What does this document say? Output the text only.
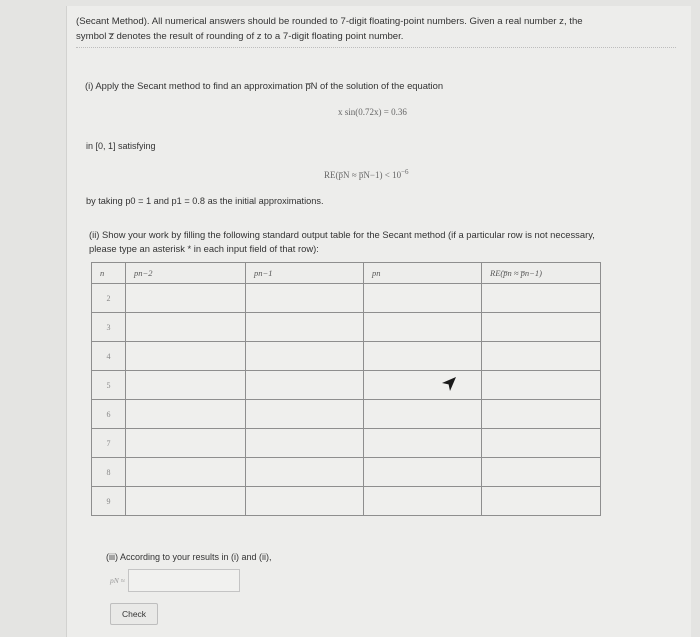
(Secant Method). All numerical answers should be rounded to 7-digit floating-point numbers. Given a real number z, the
symbol z̅ denotes the result of rounding of z to a 7-digit floating point number.
(i) Apply the Secant method to find an approximation p̅N of the solution of the equation
x sin(0.72x) = 0.36
in [0, 1] satisfying
RE(p̅N ≈ p̅N−1) < $10^{-6}$
by taking p0 = 1 and p1 = 0.8 as the initial approximations.
(ii) Show your work by filling the following standard output table for the Secant method (if a particular row is not necessary, please type an asterisk * in each input field of that row):
n	pn−2	pn−1	pn	RE(p̅n ≈ p̅n−1)
2	

3	

4	

5	

6	

7	

8	

9	

(iii) According to your results in (i) and (ii),
pN ≈
Check
